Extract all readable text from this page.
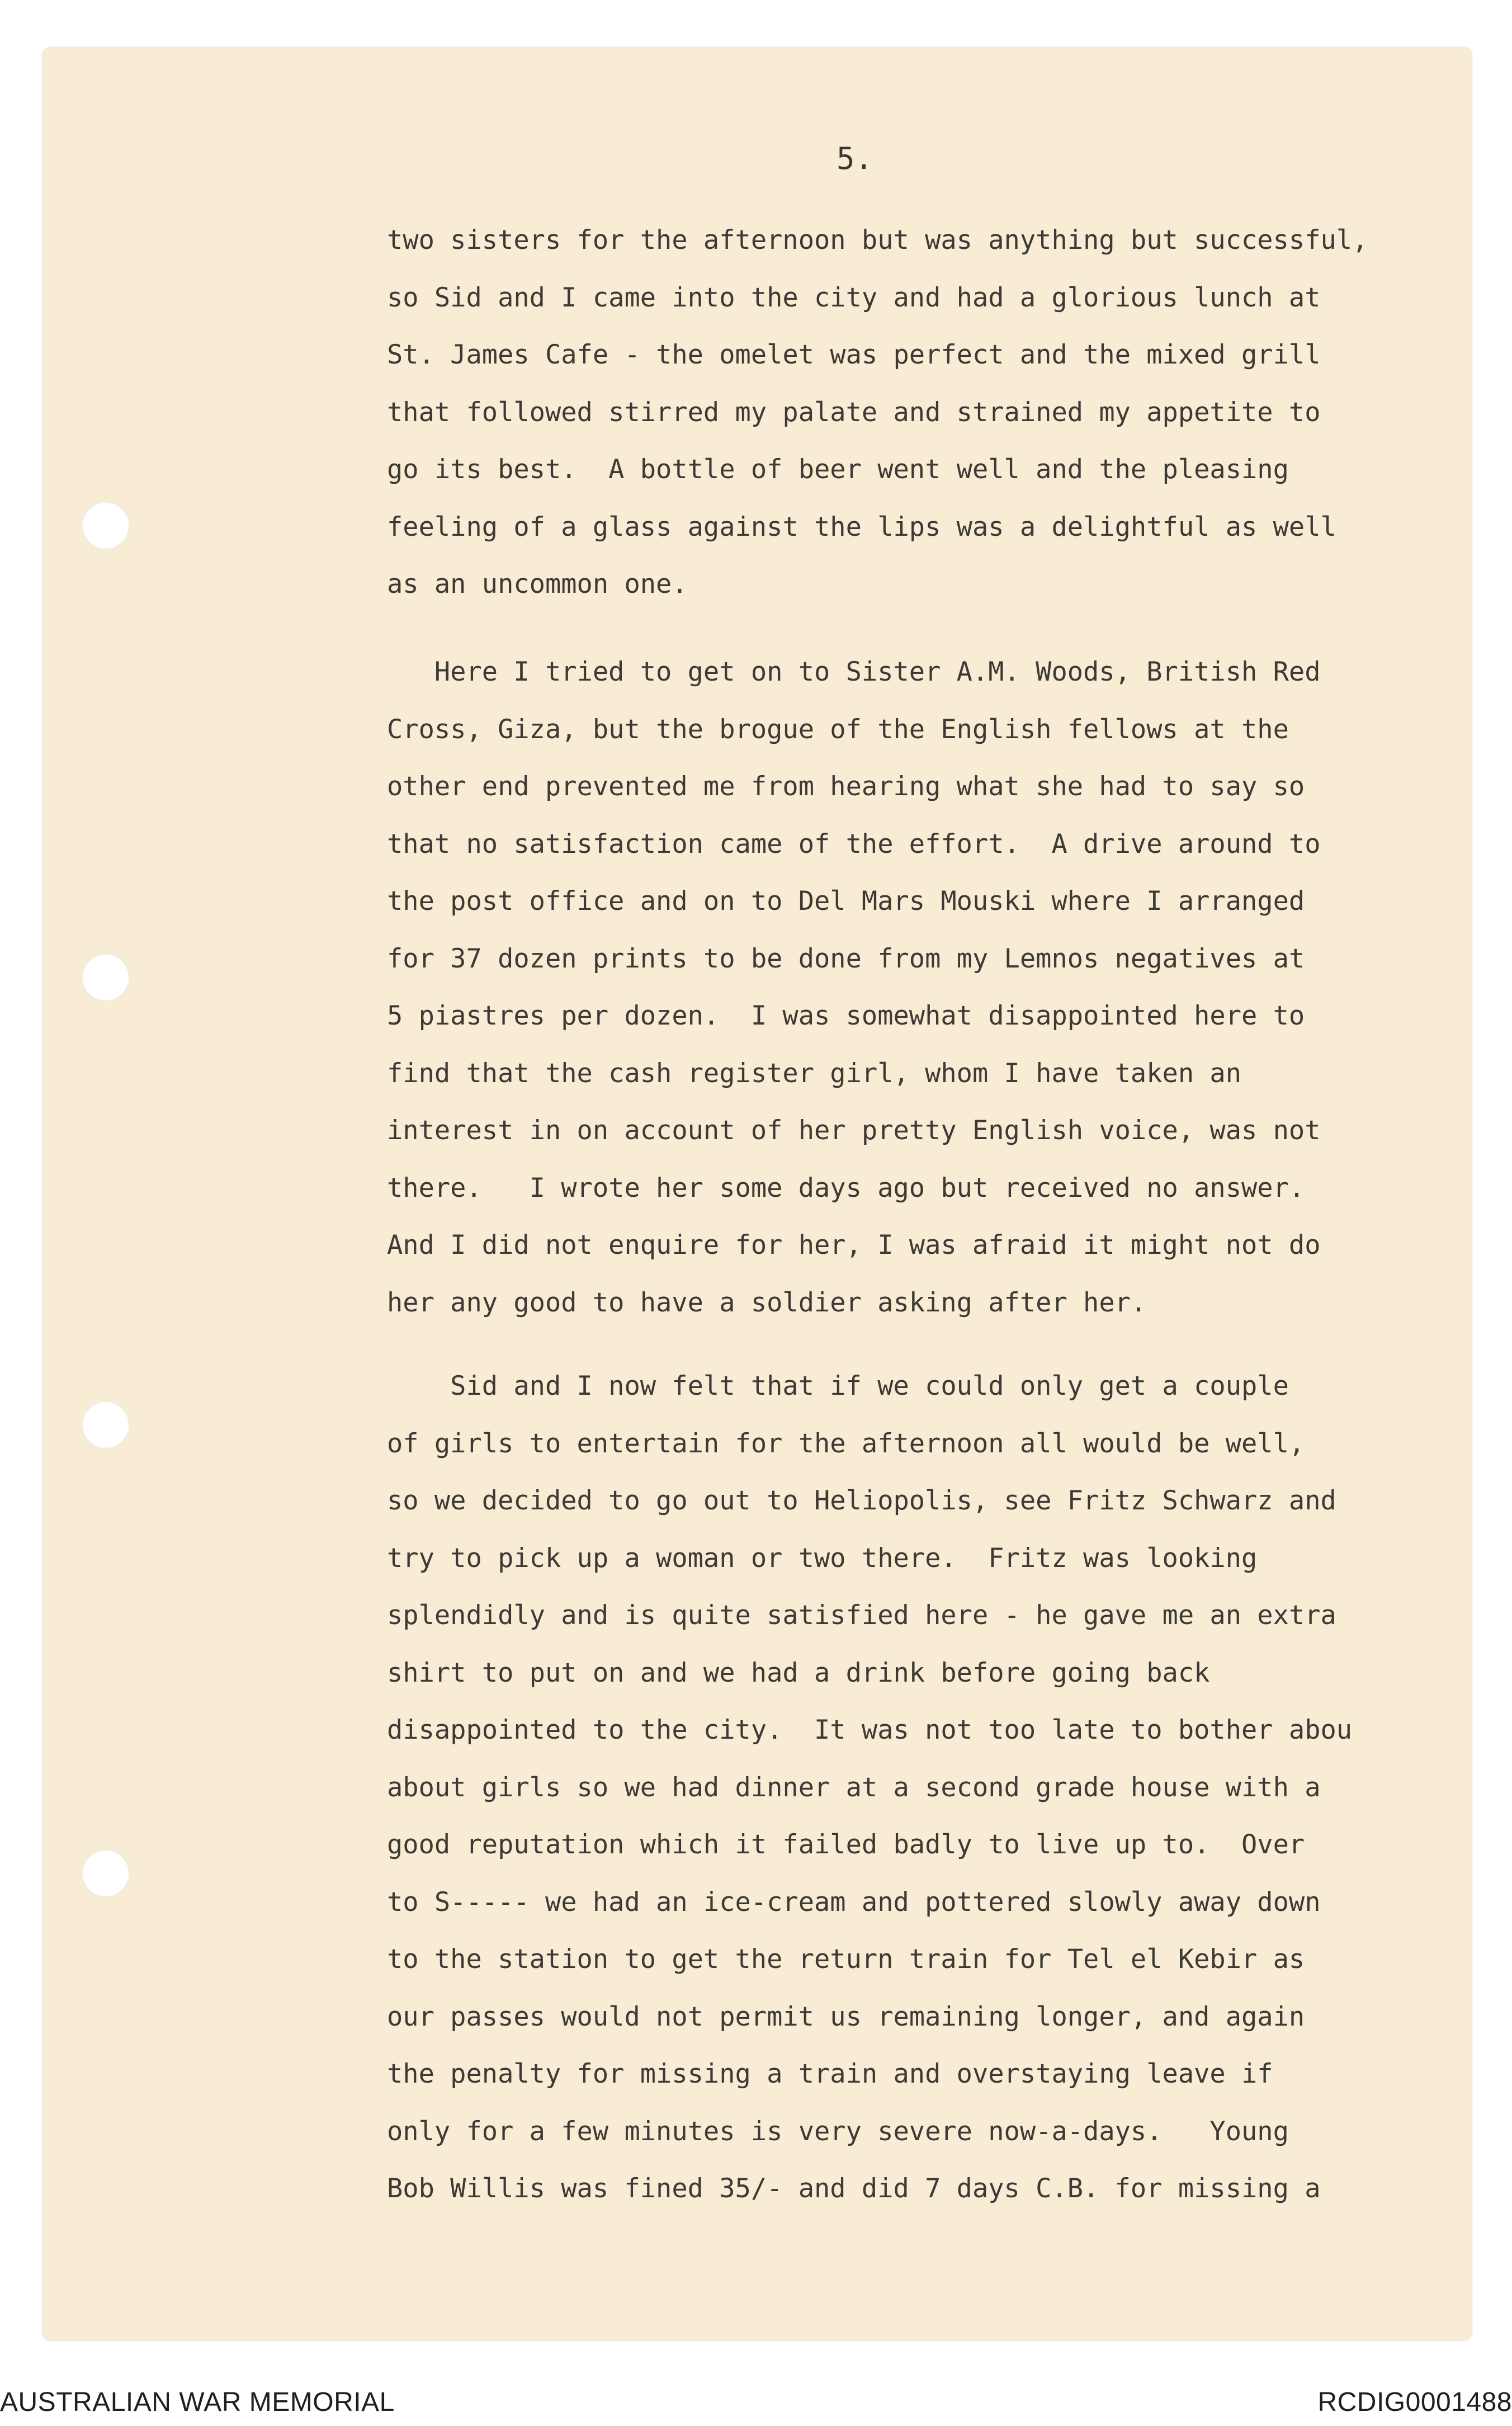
5.
two sisters for the afternoon but was anything but successful,
so Sid and I came into the city and had a glorious lunch at
St. James Cafe - the omelet was perfect and the mixed grill
that followed stirred my palate and strained my appetite to
go its best.  A bottle of beer went well and the pleasing
feeling of a glass against the lips was a delightful as well
as an uncommon one.
Here I tried to get on to Sister A.M. Woods, British Red
Cross, Giza, but the brogue of the English fellows at the
other end prevented me from hearing what she had to say so
that no satisfaction came of the effort.  A drive around to
the post office and on to Del Mars Mouski where I arranged
for 37 dozen prints to be done from my Lemnos negatives at
5 piastres per dozen.  I was somewhat disappointed here to
find that the cash register girl, whom I have taken an
interest in on account of her pretty English voice, was not
there.   I wrote her some days ago but received no answer.
And I did not enquire for her, I was afraid it might not do
her any good to have a soldier asking after her.
Sid and I now felt that if we could only get a couple
of girls to entertain for the afternoon all would be well,
so we decided to go out to Heliopolis, see Fritz Schwarz and
try to pick up a woman or two there.  Fritz was looking
splendidly and is quite satisfied here - he gave me an extra
shirt to put on and we had a drink before going back
disappointed to the city.  It was not too late to bother abou
about girls so we had dinner at a second grade house with a
good reputation which it failed badly to live up to.  Over
to S----- we had an ice-cream and pottered slowly away down
to the station to get the return train for Tel el Kebir as
our passes would not permit us remaining longer, and again
the penalty for missing a train and overstaying leave if
only for a few minutes is very severe now-a-days.   Young
Bob Willis was fined 35/- and did 7 days C.B. for missing a
AUSTRALIAN WAR MEMORIAL	RCDIG0001488
